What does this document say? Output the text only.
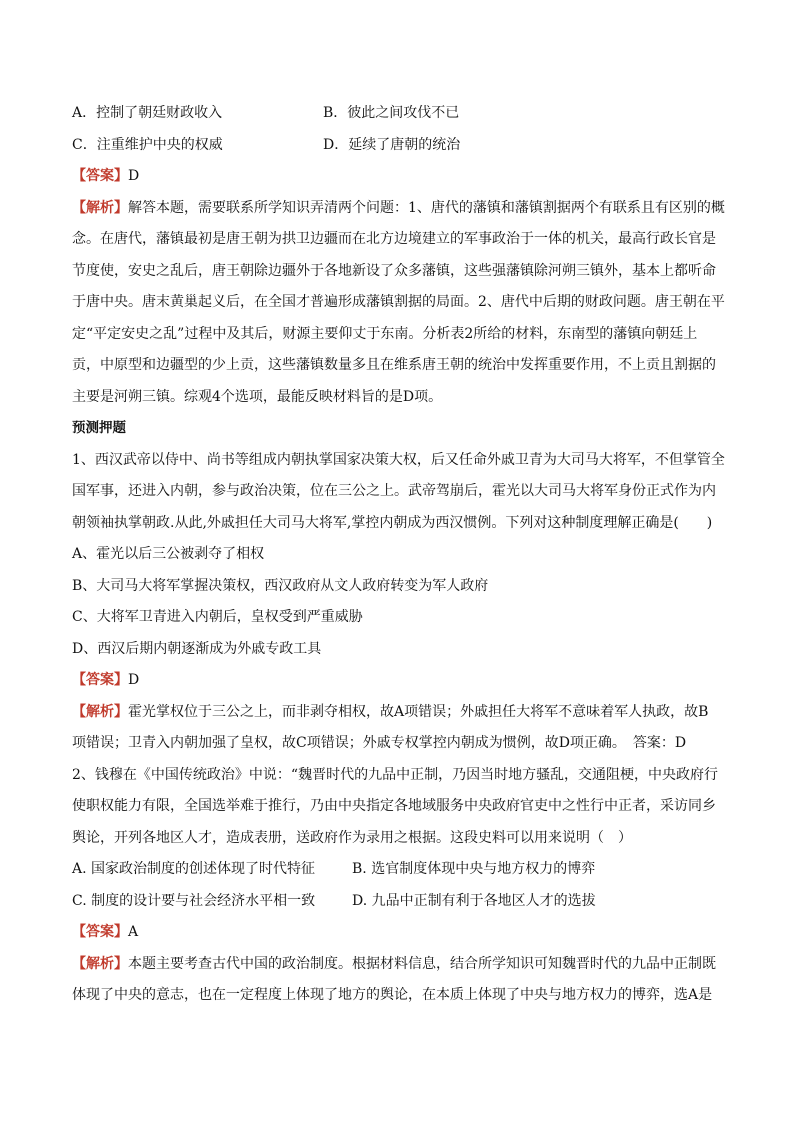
A．控制了朝廷财政收入	B．彼此之间攻伐不已
C．注重维护中央的权威	D．延续了唐朝的统治
【答案】D
【解析】解答本题，需要联系所学知识弄清两个问题：1、唐代的藩镇和藩镇割据两个有联系且有区别的概
念。在唐代，藩镇最初是唐王朝为拱卫边疆而在北方边境建立的军事政治于一体的机关，最高行政长官是
节度使，安史之乱后，唐王朝除边疆外于各地新设了众多藩镇，这些强藩镇除河朔三镇外，基本上都听命
于唐中央。唐末黄巢起义后，在全国才普遍形成藩镇割据的局面。2、唐代中后期的财政问题。唐王朝在平
定“平定安史之乱”过程中及其后，财源主要仰丈于东南。分析表2所给的材料，东南型的藩镇向朝廷上
贡，中原型和边疆型的少上贡，这些藩镇数量多且在维系唐王朝的统治中发挥重要作用，不上贡且割据的
主要是河朔三镇。综观4个选项，最能反映材料旨的是D项。
预测押题
1、西汉武帝以侍中、尚书等组成内朝执掌国家决策大权，后又任命外戚卫青为大司马大将军，不但掌管全
国军事，还进入内朝，参与政治决策，位在三公之上。武帝驾崩后，霍光以大司马大将军身份正式作为内
朝领袖执掌朝政.从此,外戚担任大司马大将军,掌控内朝成为西汉惯例。下列对这种制度理解正确是(　　)
A、霍光以后三公被剥夺了相权
B、大司马大将军掌握决策权，西汉政府从文人政府转变为军人政府
C、大将军卫青进入内朝后，皇权受到严重威胁
D、西汉后期内朝逐渐成为外戚专政工具
【答案】D
【解析】霍光掌权位于三公之上，而非剥夺相权，故A项错误；外戚担任大将军不意味着军人执政，故B
项错误；卫青入内朝加强了皇权，故C项错误；外戚专权掌控内朝成为惯例，故D项正确。　答案：D
2、钱穆在《中国传统政治》中说：“魏晋时代的九品中正制，乃因当时地方骚乱，交通阻梗，中央政府行
使职权能力有限，全国选举难于推行，乃由中央指定各地域服务中央政府官吏中之性行中正者，采访同乡
舆论，开列各地区人才，造成表册，送政府作为录用之根据。这段史料可以用来说明（　）
A. 国家政治制度的创述体现了时代特征	B. 选官制度体现中央与地方权力的博弈
C. 制度的设计要与社会经济水平相一致	D. 九品中正制有利于各地区人才的选拔
【答案】A
【解析】本题主要考查古代中国的政治制度。根据材料信息，结合所学知识可知魏晋时代的九品中正制既
体现了中央的意志，也在一定程度上体现了地方的舆论，在本质上体现了中央与地方权力的博弈，选A是
